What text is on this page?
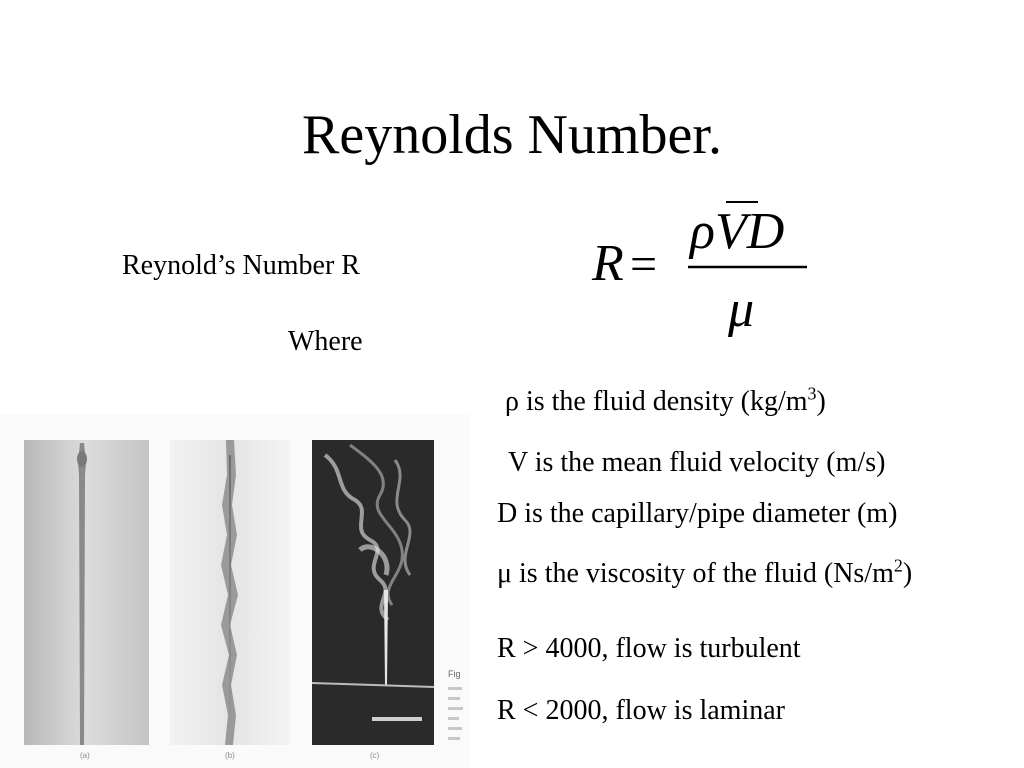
Reynolds Number.
Reynold’s Number R
Where
R =
ρVD
μ
ρ is the fluid density $(kg/m^3)$
V is the mean fluid velocity (m/s)
D is the capillary/pipe diameter (m)
μ is the viscosity of the fluid $(Ns/m^2)$
R > 4000, flow is turbulent
R < 2000, flow is laminar
Fig
(a)	(b)	(c)
